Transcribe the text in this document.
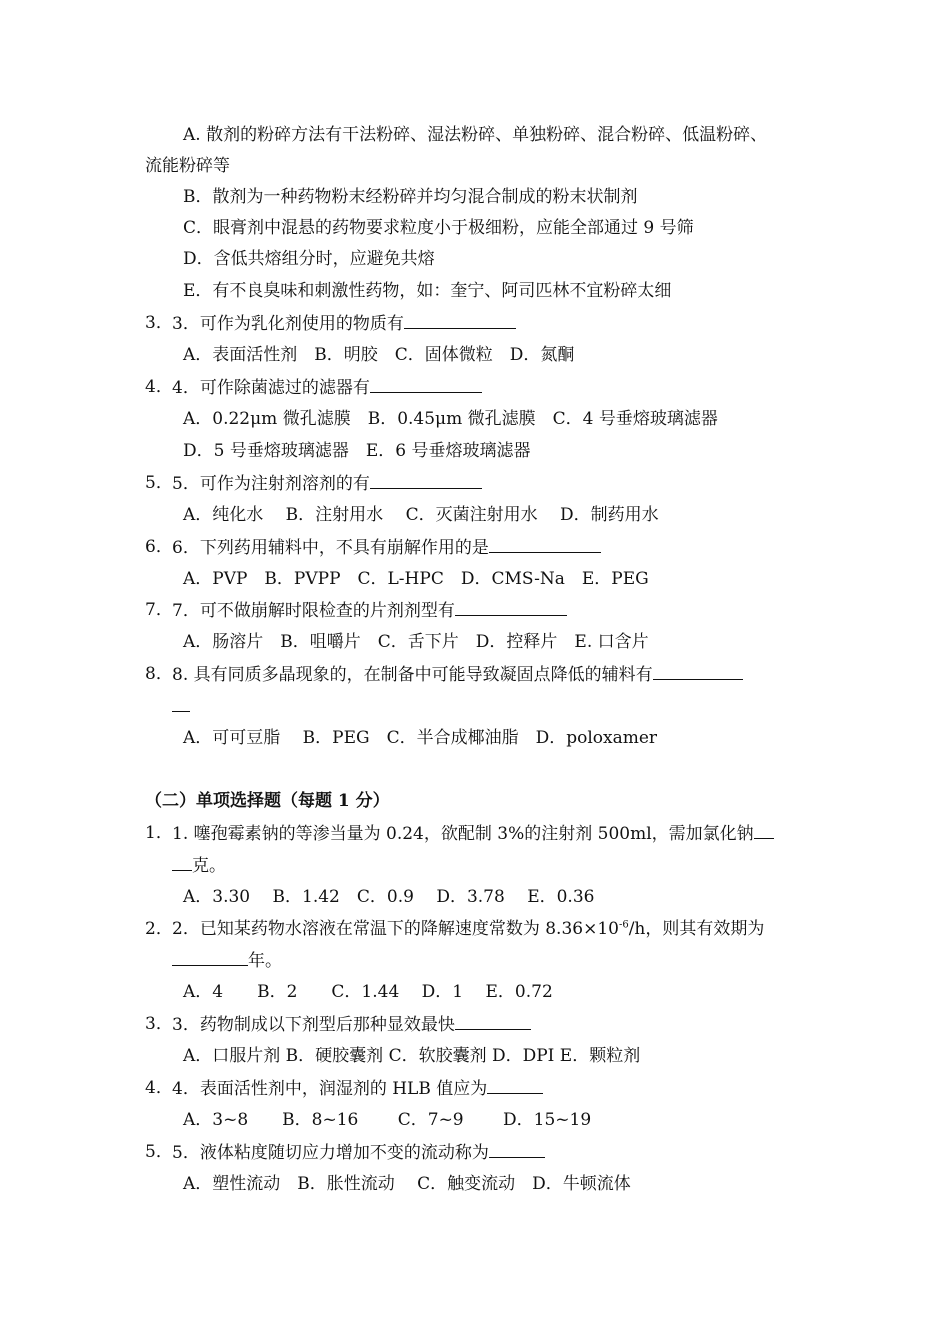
A. 散剂的粉碎方法有干法粉碎、湿法粉碎、单独粉碎、混合粉碎、低温粉碎、
流能粉碎等
B．散剂为一种药物粉末经粉碎并均匀混合制成的粉末状制剂
C．眼膏剂中混悬的药物要求粒度小于极细粉，应能全部通过 9 号筛
D．含低共熔组分时，应避免共熔
E．有不良臭味和刺激性药物，如：奎宁、阿司匹林不宜粉碎太细
3． 3．可作为乳化剂使用的物质有
A．表面活性剂　B．明胶　C．固体微粒　D．氮酮
4． 4．可作除菌滤过的滤器有
A．0.22μm 微孔滤膜　B．0.45μm 微孔滤膜　C．4 号垂熔玻璃滤器
D．5 号垂熔玻璃滤器　E．6 号垂熔玻璃滤器
5． 5．可作为注射剂溶剂的有
A．纯化水　 B．注射用水　 C．灭菌注射用水　 D．制药用水
6． 6．下列药用辅料中，不具有崩解作用的是
A．PVP　B．PVPP　C．L-HPC　D．CMS-Na　E．PEG
7． 7．可不做崩解时限检查的片剂剂型有
A．肠溶片　B．咀嚼片　C．舌下片　D．控释片　E. 口含片
8． 8. 具有同质多晶现象的，在制备中可能导致凝固点降低的辅料有
A．可可豆脂　 B．PEG　C．半合成椰油脂　D．poloxamer
（二）单项选择题（每题 1 分）
1． 1. 噻孢霉素钠的等渗当量为 0.24，欲配制 3%的注射剂 500ml，需加氯化钠
克。
A．3.30　 B．1.42　C．0.9　 D．3.78　 E．0.36
2． 2．已知某药物水溶液在常温下的降解速度常数为 $8.36\times 10^{-6}/h$，则其有效期为
年。
A．4　　B．2　　C．1.44　 D．1　 E．0.72
3． 3．药物制成以下剂型后那种显效最快
A．口服片剂 B．硬胶囊剂 C．软胶囊剂 D．DPI E．颗粒剂
4． 4．表面活性剂中，润湿剂的 HLB 值应为
A．3~8　　B．8~16　　 C．7~9　　 D．15~19
5． 5．液体粘度随切应力增加不变的流动称为
A．塑性流动　B．胀性流动　 C．触变流动　D．牛顿流体
